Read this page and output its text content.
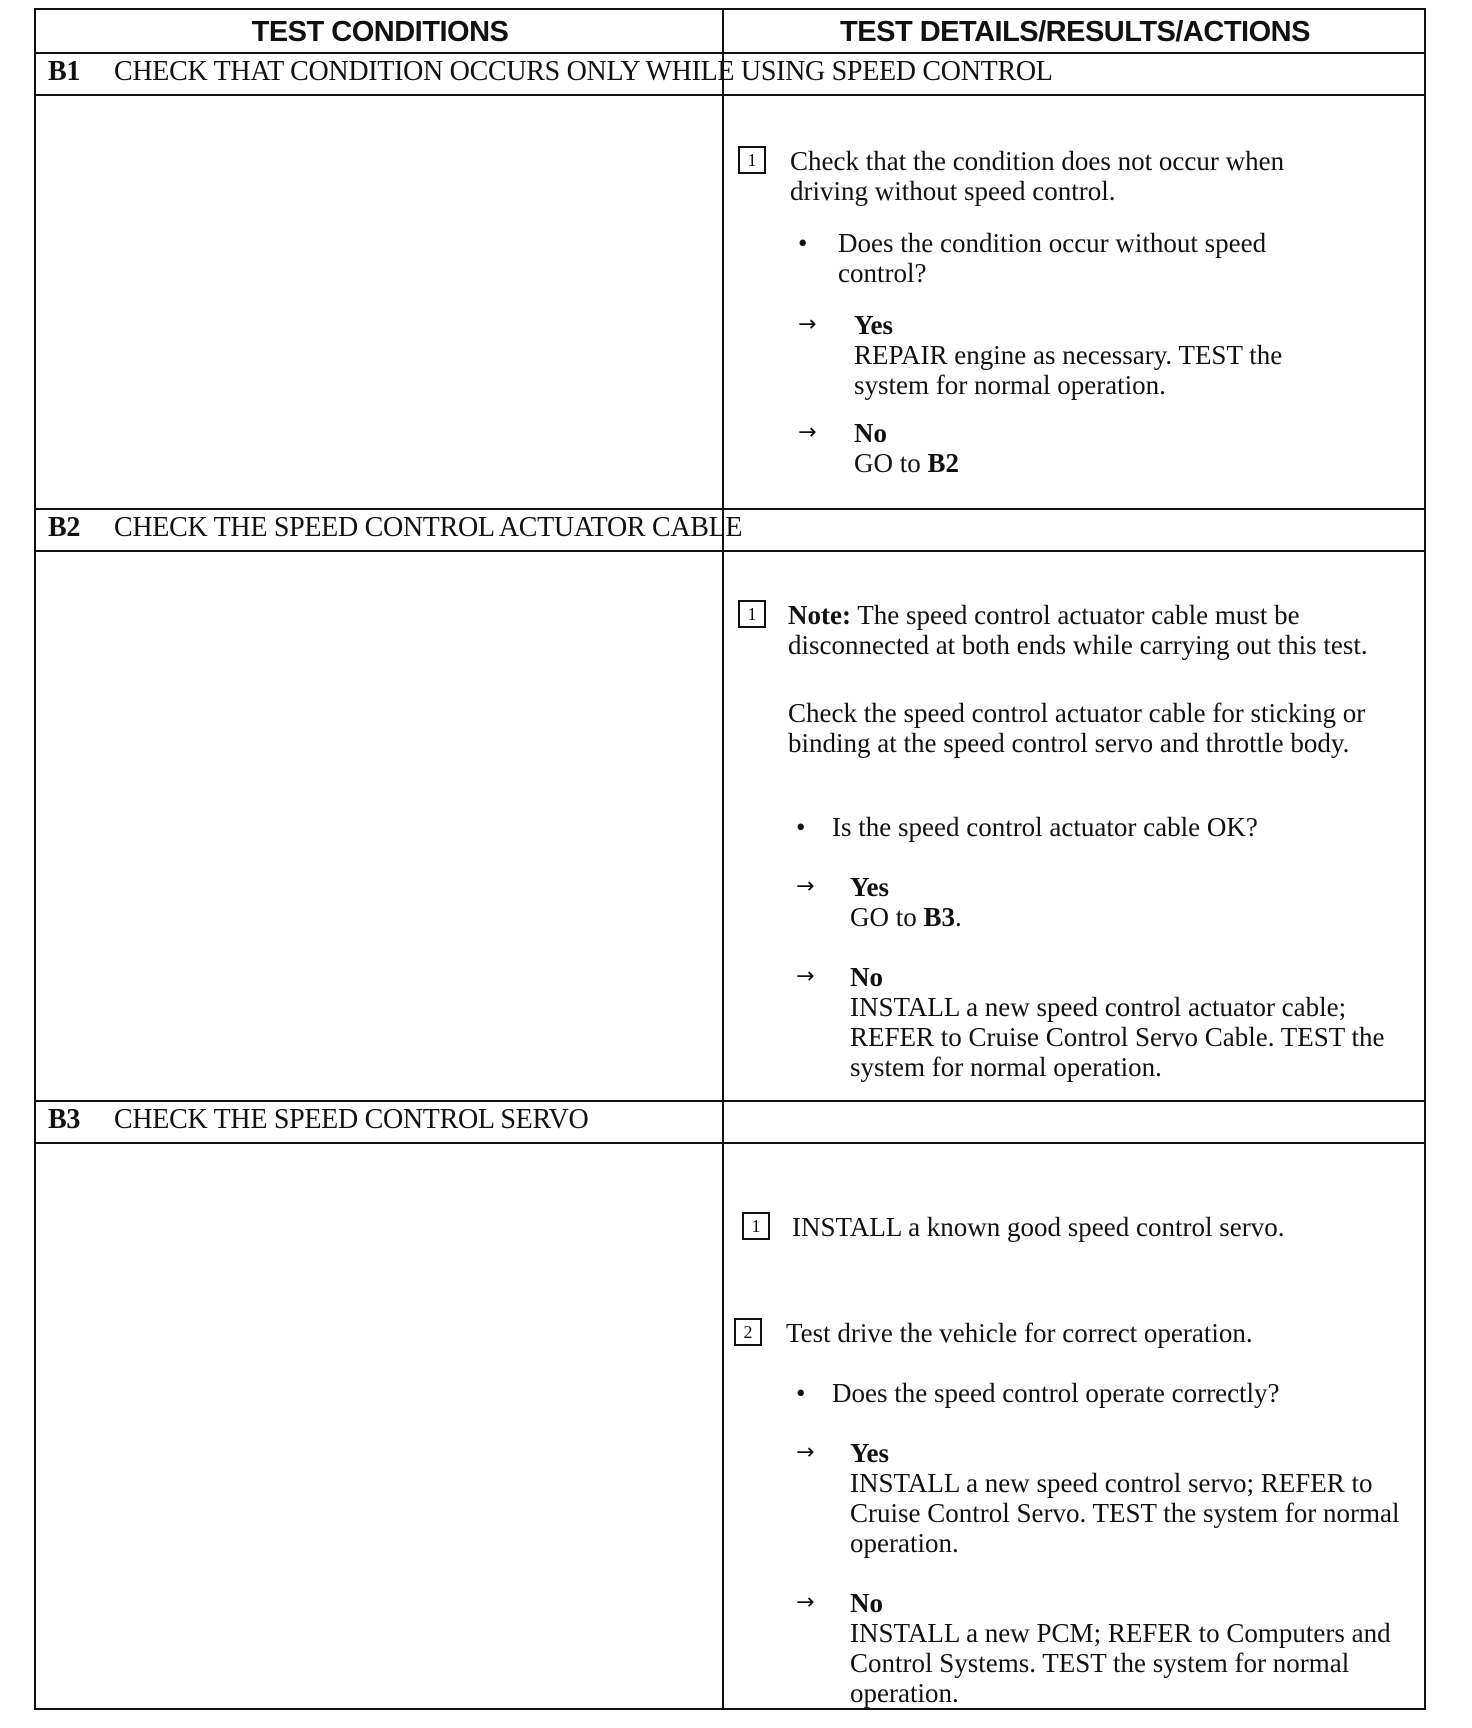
TEST CONDITIONS	TEST DETAILS/RESULTS/ACTIONS
B1 CHECK THAT CONDITION OCCURS ONLY WHILE USING SPEED CONTROL
1	Check that the condition does not occur when driving without speed control.
• Does the condition occur without speed control?
→ Yes
REPAIR engine as necessary. TEST the system for normal operation.
→ No
GO to B2
B2 CHECK THE SPEED CONTROL ACTUATOR CABLE
1	Note: The speed control actuator cable must be disconnected at both ends while carrying out this test.
Check the speed control actuator cable for sticking or binding at the speed control servo and throttle body.
• Is the speed control actuator cable OK?
→ Yes
GO to B3.
→ No
INSTALL a new speed control actuator cable; REFER to Cruise Control Servo Cable. TEST the system for normal operation.
B3 CHECK THE SPEED CONTROL SERVO
1	INSTALL a known good speed control servo.
2	Test drive the vehicle for correct operation.
• Does the speed control operate correctly?
→ Yes
INSTALL a new speed control servo; REFER to Cruise Control Servo. TEST the system for normal operation.
→ No
INSTALL a new PCM; REFER to Computers and Control Systems. TEST the system for normal operation.
